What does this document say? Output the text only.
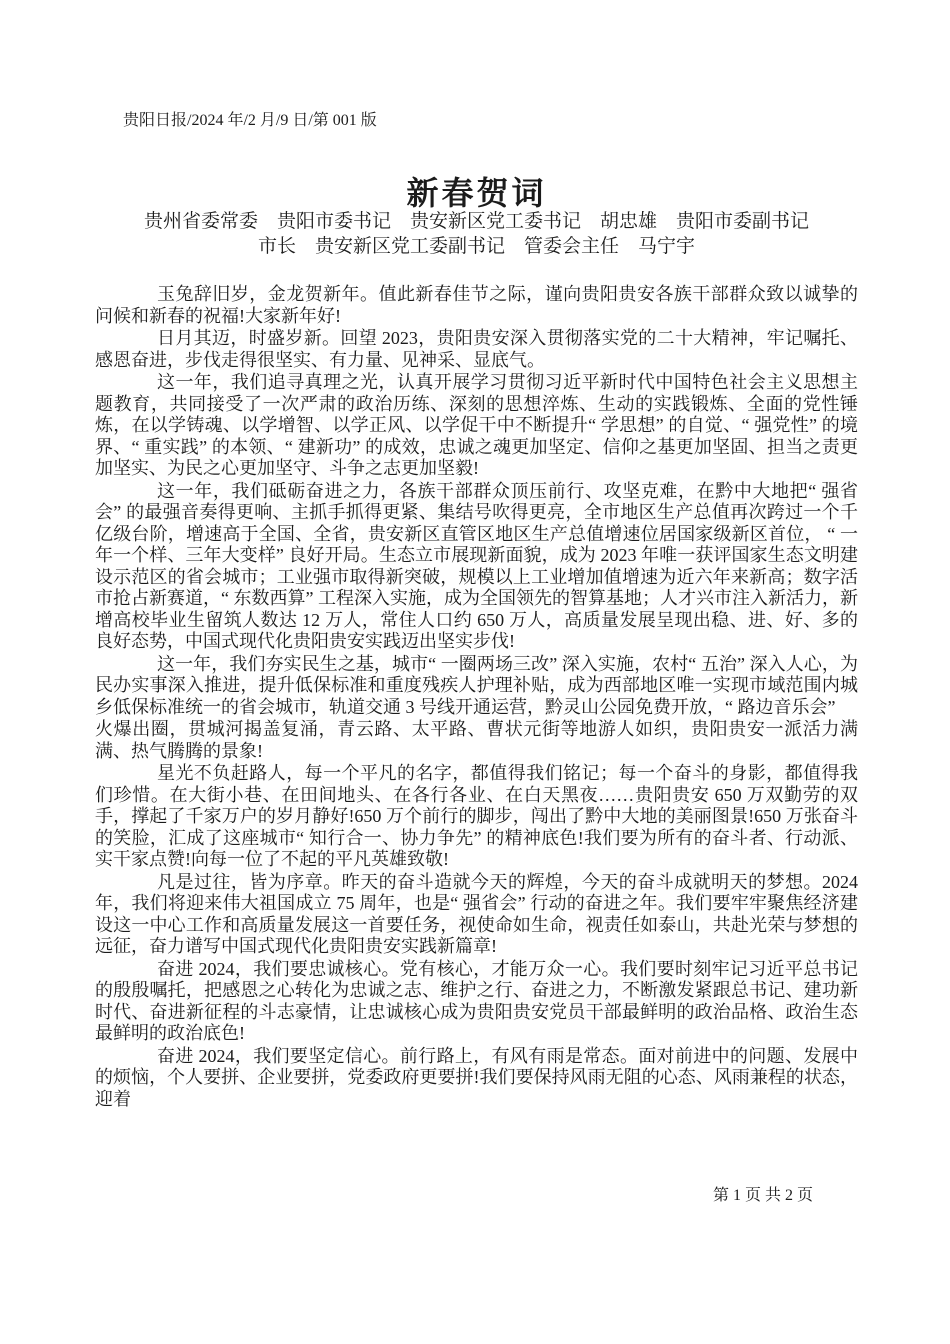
贵阳日报/2024 年/2 月/9 日/第 001 版
新春贺词
贵州省委常委　贵阳市委书记　贵安新区党工委书记　胡忠雄　贵阳市委副书记
市长　贵安新区党工委副书记　管委会主任　马宁宇

玉兔辞旧岁，金龙贺新年。值此新春佳节之际，谨向贵阳贵安各族干部群众致以诚挚的问候和新春的祝福!大家新年好!

日月其迈，时盛岁新。回望 2023，贵阳贵安深入贯彻落实党的二十大精神，牢记嘱托、感恩奋进，步伐走得很坚实、有力量、见神采、显底气。

这一年，我们追寻真理之光，认真开展学习贯彻习近平新时代中国特色社会主义思想主题教育，共同接受了一次严肃的政治历练、深刻的思想淬炼、生动的实践锻炼、全面的党性锤炼，在以学铸魂、以学增智、以学正风、以学促干中不断提升“ 学思想” 的自觉、“ 强党性” 的境界、“ 重实践” 的本领、“ 建新功” 的成效，忠诚之魂更加坚定、信仰之基更加坚固、担当之责更加坚实、为民之心更加坚守、斗争之志更加坚毅!

这一年，我们砥砺奋进之力，各族干部群众顶压前行、攻坚克难，在黔中大地把“ 强省会” 的最强音奏得更响、主抓手抓得更紧、集结号吹得更亮，全市地区生产总值再次跨过一个千亿级台阶，增速高于全国、全省，贵安新区直管区地区生产总值增速位居国家级新区首位， “ 一年一个样、三年大变样” 良好开局。生态立市展现新面貌，成为 2023 年唯一获评国家生态文明建设示范区的省会城市；工业强市取得新突破，规模以上工业增加值增速为近六年来新高；数字活市抢占新赛道，“ 东数西算” 工程深入实施，成为全国领先的智算基地；人才兴市注入新活力，新增高校毕业生留筑人数达 12 万人，常住人口约 650 万人，高质量发展呈现出稳、进、好、多的良好态势，中国式现代化贵阳贵安实践迈出坚实步伐!

这一年，我们夯实民生之基，城市“ 一圈两场三改” 深入实施，农村“ 五治” 深入人心，为民办实事深入推进，提升低保标准和重度残疾人护理补贴，成为西部地区唯一实现市域范围内城乡低保标准统一的省会城市，轨道交通 3 号线开通运营，黔灵山公园免费开放，“ 路边音乐会”

火爆出圈，贯城河揭盖复涌，青云路、太平路、曹状元街等地游人如织，贵阳贵安一派活力满满、热气腾腾的景象!

星光不负赶路人，每一个平凡的名字，都值得我们铭记；每一个奋斗的身影，都值得我们珍惜。在大街小巷、在田间地头、在各行各业、在白天黑夜……贵阳贵安 650 万双勤劳的双手，撑起了千家万户的岁月静好!650 万个前行的脚步，闯出了黔中大地的美丽图景!650 万张奋斗的笑脸，汇成了这座城市“ 知行合一、协力争先” 的精神底色!我们要为所有的奋斗者、行动派、实干家点赞!向每一位了不起的平凡英雄致敬!

凡是过往，皆为序章。昨天的奋斗造就今天的辉煌，今天的奋斗成就明天的梦想。2024 年，我们将迎来伟大祖国成立 75 周年，也是“ 强省会” 行动的奋进之年。我们要牢牢聚焦经济建设这一中心工作和高质量发展这一首要任务，视使命如生命，视责任如泰山，共赴光荣与梦想的远征，奋力谱写中国式现代化贵阳贵安实践新篇章!

奋进 2024，我们要忠诚核心。党有核心，才能万众一心。我们要时刻牢记习近平总书记的殷殷嘱托，把感恩之心转化为忠诚之志、维护之行、奋进之力，不断激发紧跟总书记、建功新时代、奋进新征程的斗志豪情，让忠诚核心成为贵阳贵安党员干部最鲜明的政治品格、政治生态最鲜明的政治底色!

奋进 2024，我们要坚定信心。前行路上，有风有雨是常态。面对前进中的问题、发展中的烦恼，个人要拼、企业要拼，党委政府更要拼!我们要保持风雨无阻的心态、风雨兼程的状态，迎着

第 1 页 共 2 页
